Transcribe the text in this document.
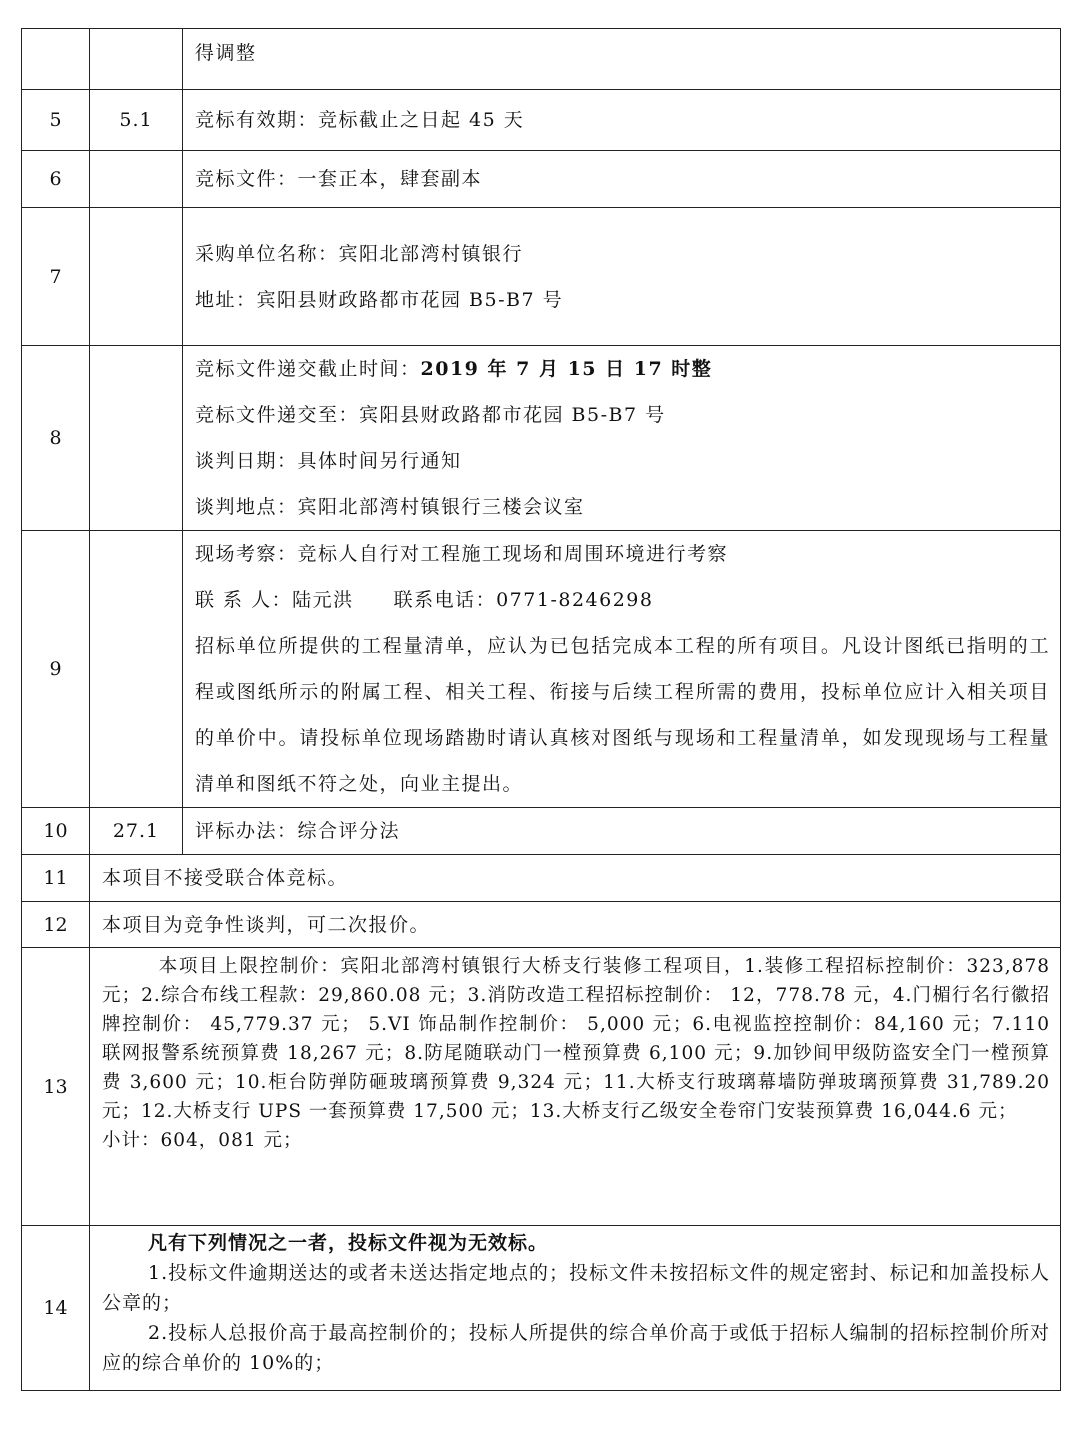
		得调整

5	5.1	竞标有效期：竞标截止之日起 45 天

6		竞标文件：一套正本，肆套副本

7		采购单位名称：宾阳北部湾村镇银行
地址：宾阳县财政路都市花园 B5-B7 号

8		竞标文件递交截止时间：2019 年 7 月 15 日 17 时整
竞标文件递交至：宾阳县财政路都市花园 B5-B7 号
谈判日期：具体时间另行通知
谈判地点：宾阳北部湾村镇银行三楼会议室

9		现场考察：竞标人自行对工程施工现场和周围环境进行考察
联 系 人：陆元洪 联系电话：0771-8246298
招标单位所提供的工程量清单，应认为已包括完成本工程的所有项目。凡设计图纸已指明的工程或图纸所示的附属工程、相关工程、衔接与后续工程所需的费用，投标单位应计入相关项目的单价中。请投标单位现场踏勘时请认真核对图纸与现场和工程量清单，如发现现场与工程量清单和图纸不符之处，向业主提出。

10	27.1	评标办法：综合评分法

11	本项目不接受联合体竞标。	

12	本项目为竞争性谈判，可二次报价。	

13	本项目上限控制价：宾阳北部湾村镇银行大桥支行装修工程项目，1.装修工程招标控制价：323,878 元；2.综合布线工程款：29,860.08 元；3.消防改造工程招标控制价： 12，778.78 元，4.门楣行名行徽招牌控制价： 45,779.37 元； 5.VI 饰品制作控制价： 5,000 元；6.电视监控控制价：84,160 元；7.110 联网报警系统预算费 18,267 元；8.防尾随联动门一樘预算费 6,100 元；9.加钞间甲级防盗安全门一樘预算费 3,600 元；10.柜台防弹防砸玻璃预算费 9,324 元；11.大桥支行玻璃幕墙防弹玻璃预算费 31,789.20 元；12.大桥支行 UPS 一套预算费 17,500 元；13.大桥支行乙级安全卷帘门安装预算费 16,044.6 元；

小计：604，081 元；	

14	凡有下列情况之一者，投标文件视为无效标。

1.投标文件逾期送达的或者未送达指定地点的；投标文件未按招标文件的规定密封、标记和加盖投标人公章的；

2.投标人总报价高于最高控制价的；投标人所提供的综合单价高于或低于招标人编制的招标控制价所对应的综合单价的 10%的；	
